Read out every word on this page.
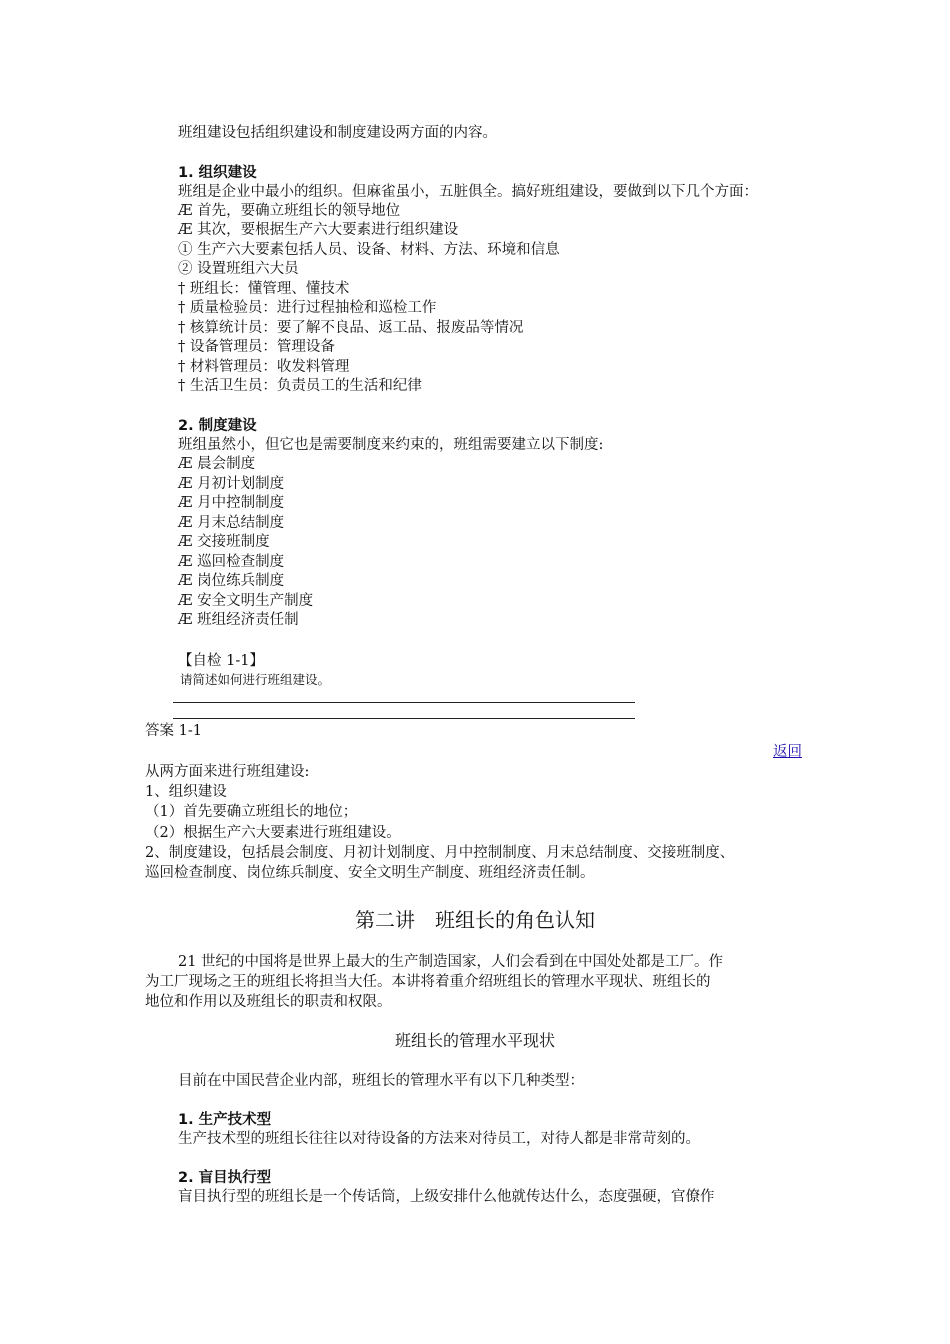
班组建设包括组织建设和制度建设两方面的内容。
1. 组织建设
班组是企业中最小的组织。但麻雀虽小，五脏俱全。搞好班组建设，要做到以下几个方面：
Æ 首先，要确立班组长的领导地位
Æ 其次，要根据生产六大要素进行组织建设
① 生产六大要素包括人员、设备、材料、方法、环境和信息
② 设置班组六大员
† 班组长：懂管理、懂技术
† 质量检验员：进行过程抽检和巡检工作
† 核算统计员：要了解不良品、返工品、报废品等情况
† 设备管理员：管理设备
† 材料管理员：收发料管理
† 生活卫生员：负责员工的生活和纪律
2. 制度建设
班组虽然小，但它也是需要制度来约束的，班组需要建立以下制度:
Æ 晨会制度
Æ 月初计划制度
Æ 月中控制制度
Æ 月末总结制度
Æ 交接班制度
Æ 巡回检查制度
Æ 岗位练兵制度
Æ 安全文明生产制度
Æ 班组经济责任制
【自检 1-1】
请简述如何进行班组建设。
答案 1-1
返回
从两方面来进行班组建设:
1、组织建设
（1）首先要确立班组长的地位；
（2）根据生产六大要素进行班组建设。
2、制度建设，包括晨会制度、月初计划制度、月中控制制度、月末总结制度、交接班制度、
巡回检查制度、岗位练兵制度、安全文明生产制度、班组经济责任制。
第二讲　班组长的角色认知
21 世纪的中国将是世界上最大的生产制造国家，人们会看到在中国处处都是工厂。作
为工厂现场之王的班组长将担当大任。本讲将着重介绍班组长的管理水平现状、班组长的
地位和作用以及班组长的职责和权限。
班组长的管理水平现状
目前在中国民营企业内部，班组长的管理水平有以下几种类型：
1. 生产技术型
生产技术型的班组长往往以对待设备的方法来对待员工，对待人都是非常苛刻的。
2. 盲目执行型
盲目执行型的班组长是一个传话筒，上级安排什么他就传达什么，态度强硬，官僚作
